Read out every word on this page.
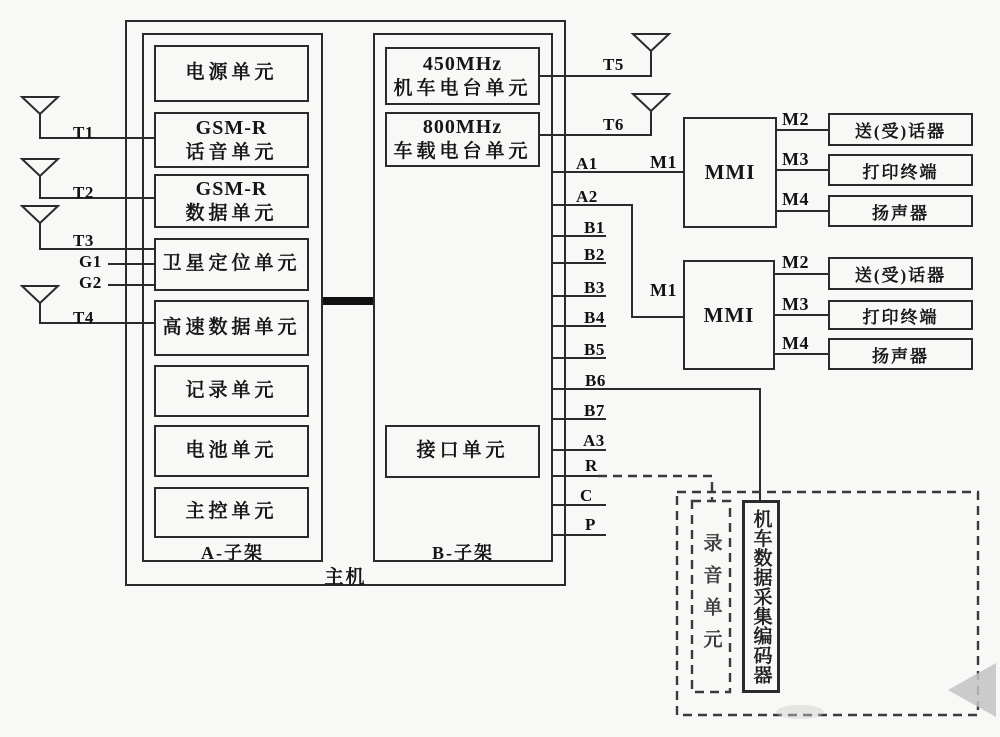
主机
A-子架
电源单元
GSM-R
话音单元
GSM-R
数据单元
卫星定位单元
高速数据单元
记录单元
电池单元
主控单元
B-子架
450MHz
机车电台单元
800MHz
车载电台单元
接口单元
MMI
MMI
送(受)话器
打印终端
扬声器
送(受)话器
打印终端
扬声器
录音单元 机车数据采集编码器
T1
T2
T3
G1
G2
T4
T5
T6
A1
A2
B1
B2
B3
B4
B5
B6
B7
A3
R
C
P
M1
M2
M3
M4
M1
M2
M3
M4
